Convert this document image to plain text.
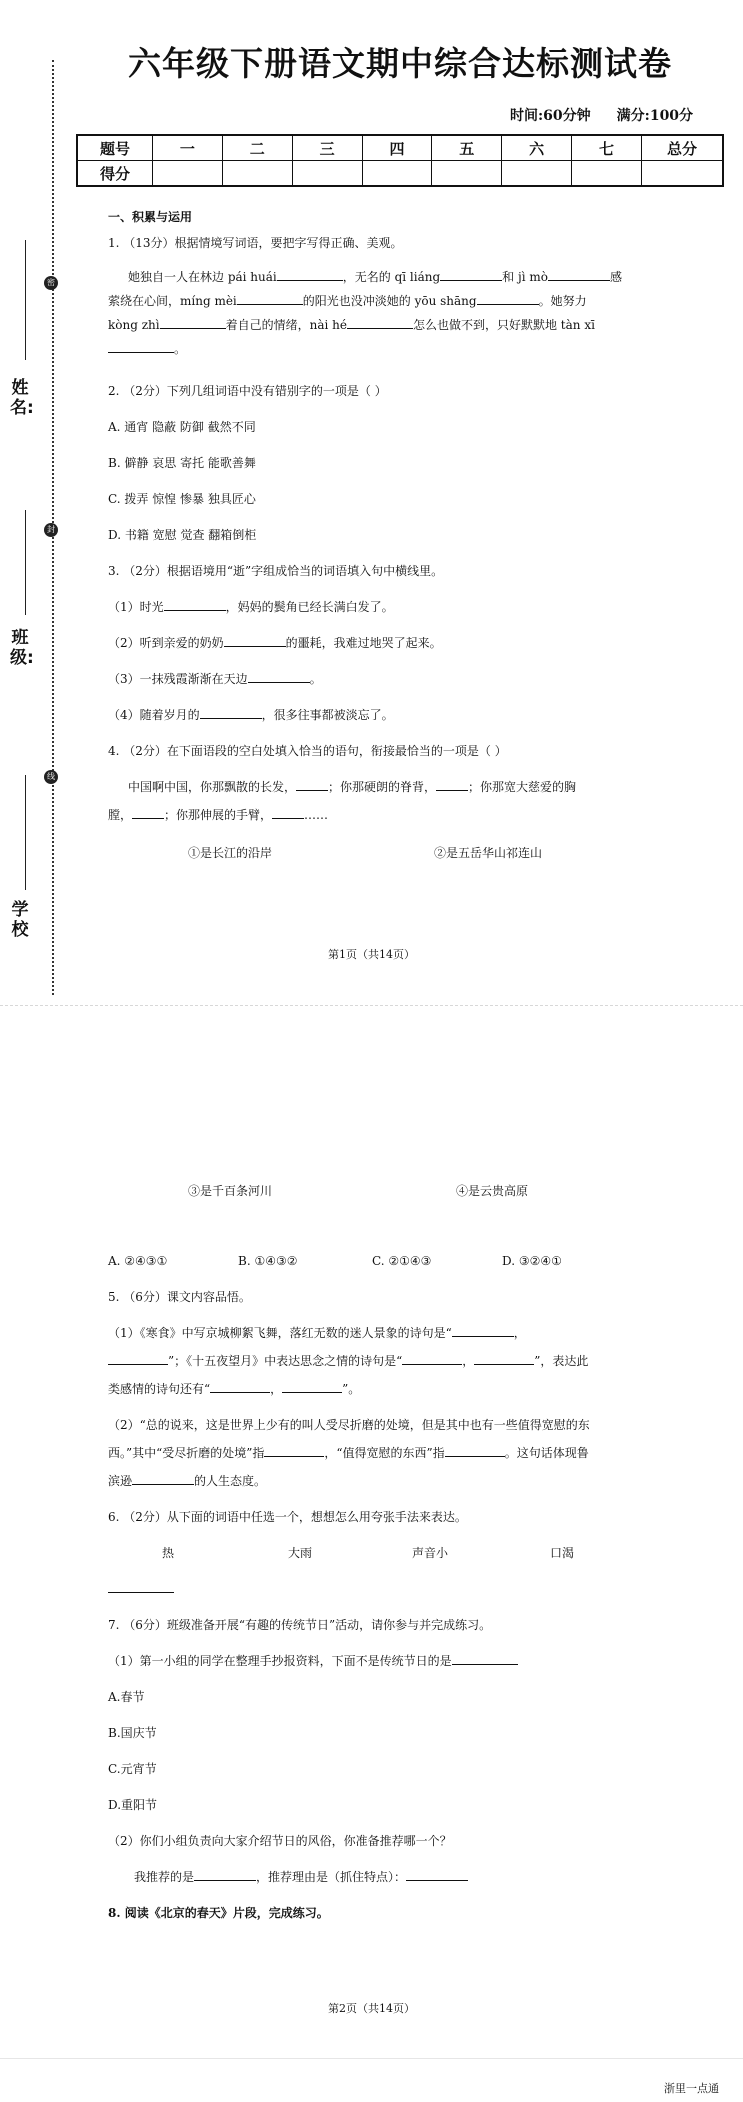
姓名:
密
班级:
封
学校
线
六年级下册语文期中综合达标测试卷
时间:60分钟 满分:100分
题号	一	二	三	四	五	六	七	总分
得分								
一、积累与运用
1. （13分）根据情境写词语，要把字写得正确、美观。
她独自一人在林边 pái huái	，无名的 qī liáng	和 jì mò	感
萦绕在心间，míng mèi	的阳光也没冲淡她的 yōu shāng	。她努力
kòng zhì	着自己的情绪，nài hé	怎么也做不到，只好默默地 tàn xī
。
2. （2分）下列几组词语中没有错别字的一项是（ ）
A. 通宵 隐蔽 防御 截然不同
B. 僻静 哀思 寄托 能歌善舞
C. 拨弄 惊惶 惨暴 独具匠心
D. 书籍 宽慰 觉查 翻箱倒柜
3. （2分）根据语境用“逝”字组成恰当的词语填入句中横线里。
（1）时光	，妈妈的鬓角已经长满白发了。
（2）听到亲爱的奶奶	的噩耗，我难过地哭了起来。
（3）一抹残霞渐渐在天边	。
（4）随着岁月的	，很多往事都被淡忘了。
4. （2分）在下面语段的空白处填入恰当的语句，衔接最恰当的一项是（ ）
中国啊中国，你那飘散的长发，	；你那硬朗的脊背，	；你那宽大慈爱的胸
膛，	；你那伸展的手臂，	……
①是长江的沿岸	②是五岳华山祁连山
第1页（共14页）
③是千百条河川	④是云贵高原
A. ②④③①	B. ①④③②	C. ②①④③	D. ③②④①
5. （6分）课文内容品悟。
（1）《寒食》中写京城柳絮飞舞，落红无数的迷人景象的诗句是“	，
”；《十五夜望月》中表达思念之情的诗句是“	，	”，表达此
类感情的诗句还有“	，	”。
（2）“总的说来，这是世界上少有的叫人受尽折磨的处境，但是其中也有一些值得宽慰的东
西。”其中“受尽折磨的处境”指	，“值得宽慰的东西”指	。这句话体现鲁
滨逊	的人生态度。
6. （2分）从下面的词语中任选一个，想想怎么用夸张手法来表达。
热	大雨	声音小	口渴
7. （6分）班级准备开展“有趣的传统节日”活动，请你参与并完成练习。
（1）第一小组的同学在整理手抄报资料，下面不是传统节日的是
A.春节
B.国庆节
C.元宵节
D.重阳节
（2）你们小组负责向大家介绍节日的风俗，你准备推荐哪一个？
我推荐的是	，推荐理由是（抓住特点）：
8. 阅读《北京的春天》片段，完成练习。
第2页（共14页）
浙里一点通
